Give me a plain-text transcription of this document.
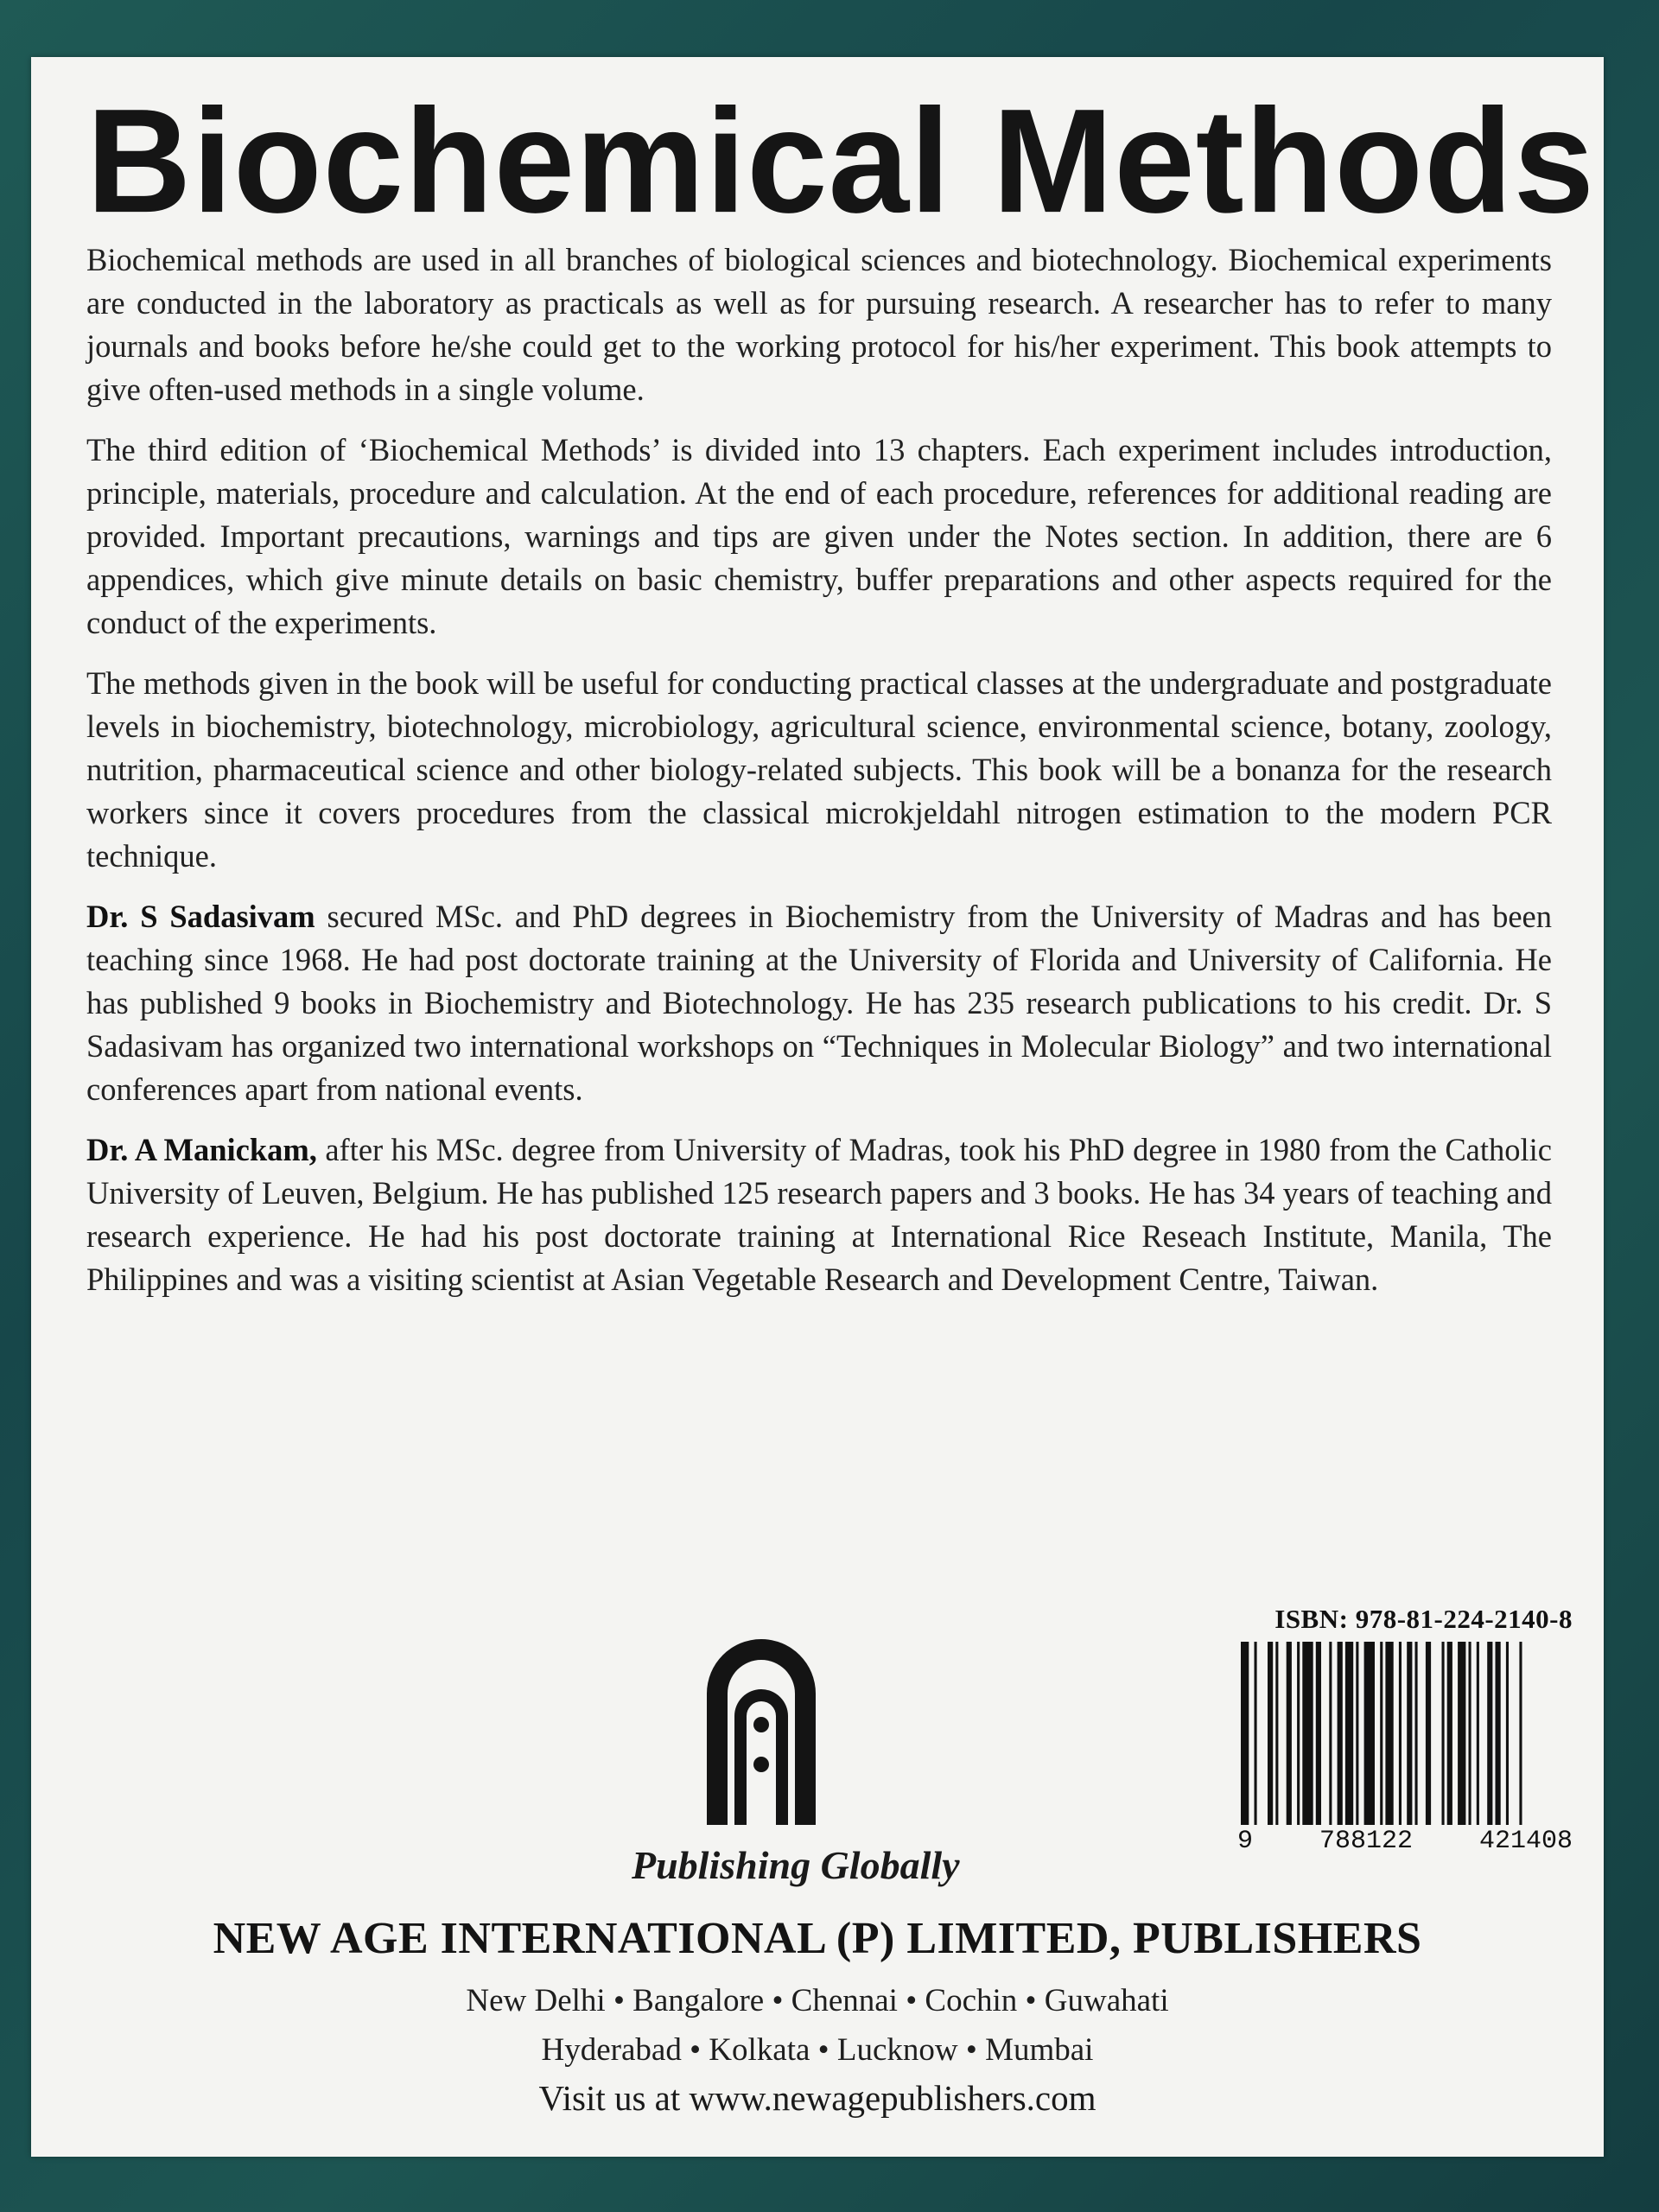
Biochemical Methods

Biochemical methods are used in all branches of biological sciences and biotechnology. Biochemical experiments are conducted in the laboratory as practicals as well as for pursuing research. A researcher has to refer to many journals and books before he/she could get to the working protocol for his/her experiment. This book attempts to give often-used methods in a single volume.

The third edition of ‘Biochemical Methods’ is divided into 13 chapters. Each experiment includes introduction, principle, materials, procedure and calculation. At the end of each procedure, references for additional reading are provided. Important precautions, warnings and tips are given under the Notes section. In addition, there are 6 appendices, which give minute details on basic chemistry, buffer preparations and other aspects required for the conduct of the experiments.

The methods given in the book will be useful for conducting practical classes at the undergraduate and postgraduate levels in biochemistry, biotechnology, microbiology, agricultural science, environmental science, botany, zoology, nutrition, pharmaceutical science and other biology-related subjects. This book will be a bonanza for the research workers since it covers procedures from the classical microkjeldahl nitrogen estimation to the modern PCR technique.

Dr. S Sadasivam secured MSc. and PhD degrees in Biochemistry from the University of Madras and has been teaching since 1968. He had post doctorate training at the University of Florida and University of California. He has published 9 books in Biochemistry and Biotechnology. He has 235 research publications to his credit. Dr. S Sadasivam has organized two international workshops on “Techniques in Molecular Biology” and two international conferences apart from national events.

Dr. A Manickam, after his MSc. degree from University of Madras, took his PhD degree in 1980 from the Catholic University of Leuven, Belgium. He has published 125 research papers and 3 books. He has 34 years of teaching and research experience. He had his post doctorate training at International Rice Reseach Institute, Manila, The Philippines and was a visiting scientist at Asian Vegetable Research and Development Centre, Taiwan.

Publishing Globally
ISBN: 978-81-224-2140-8
9	788122	421408
NEW AGE INTERNATIONAL (P) LIMITED, PUBLISHERS
New Delhi • Bangalore • Chennai • Cochin • Guwahati
Hyderabad • Kolkata • Lucknow • Mumbai
Visit us at www.newagepublishers.com
